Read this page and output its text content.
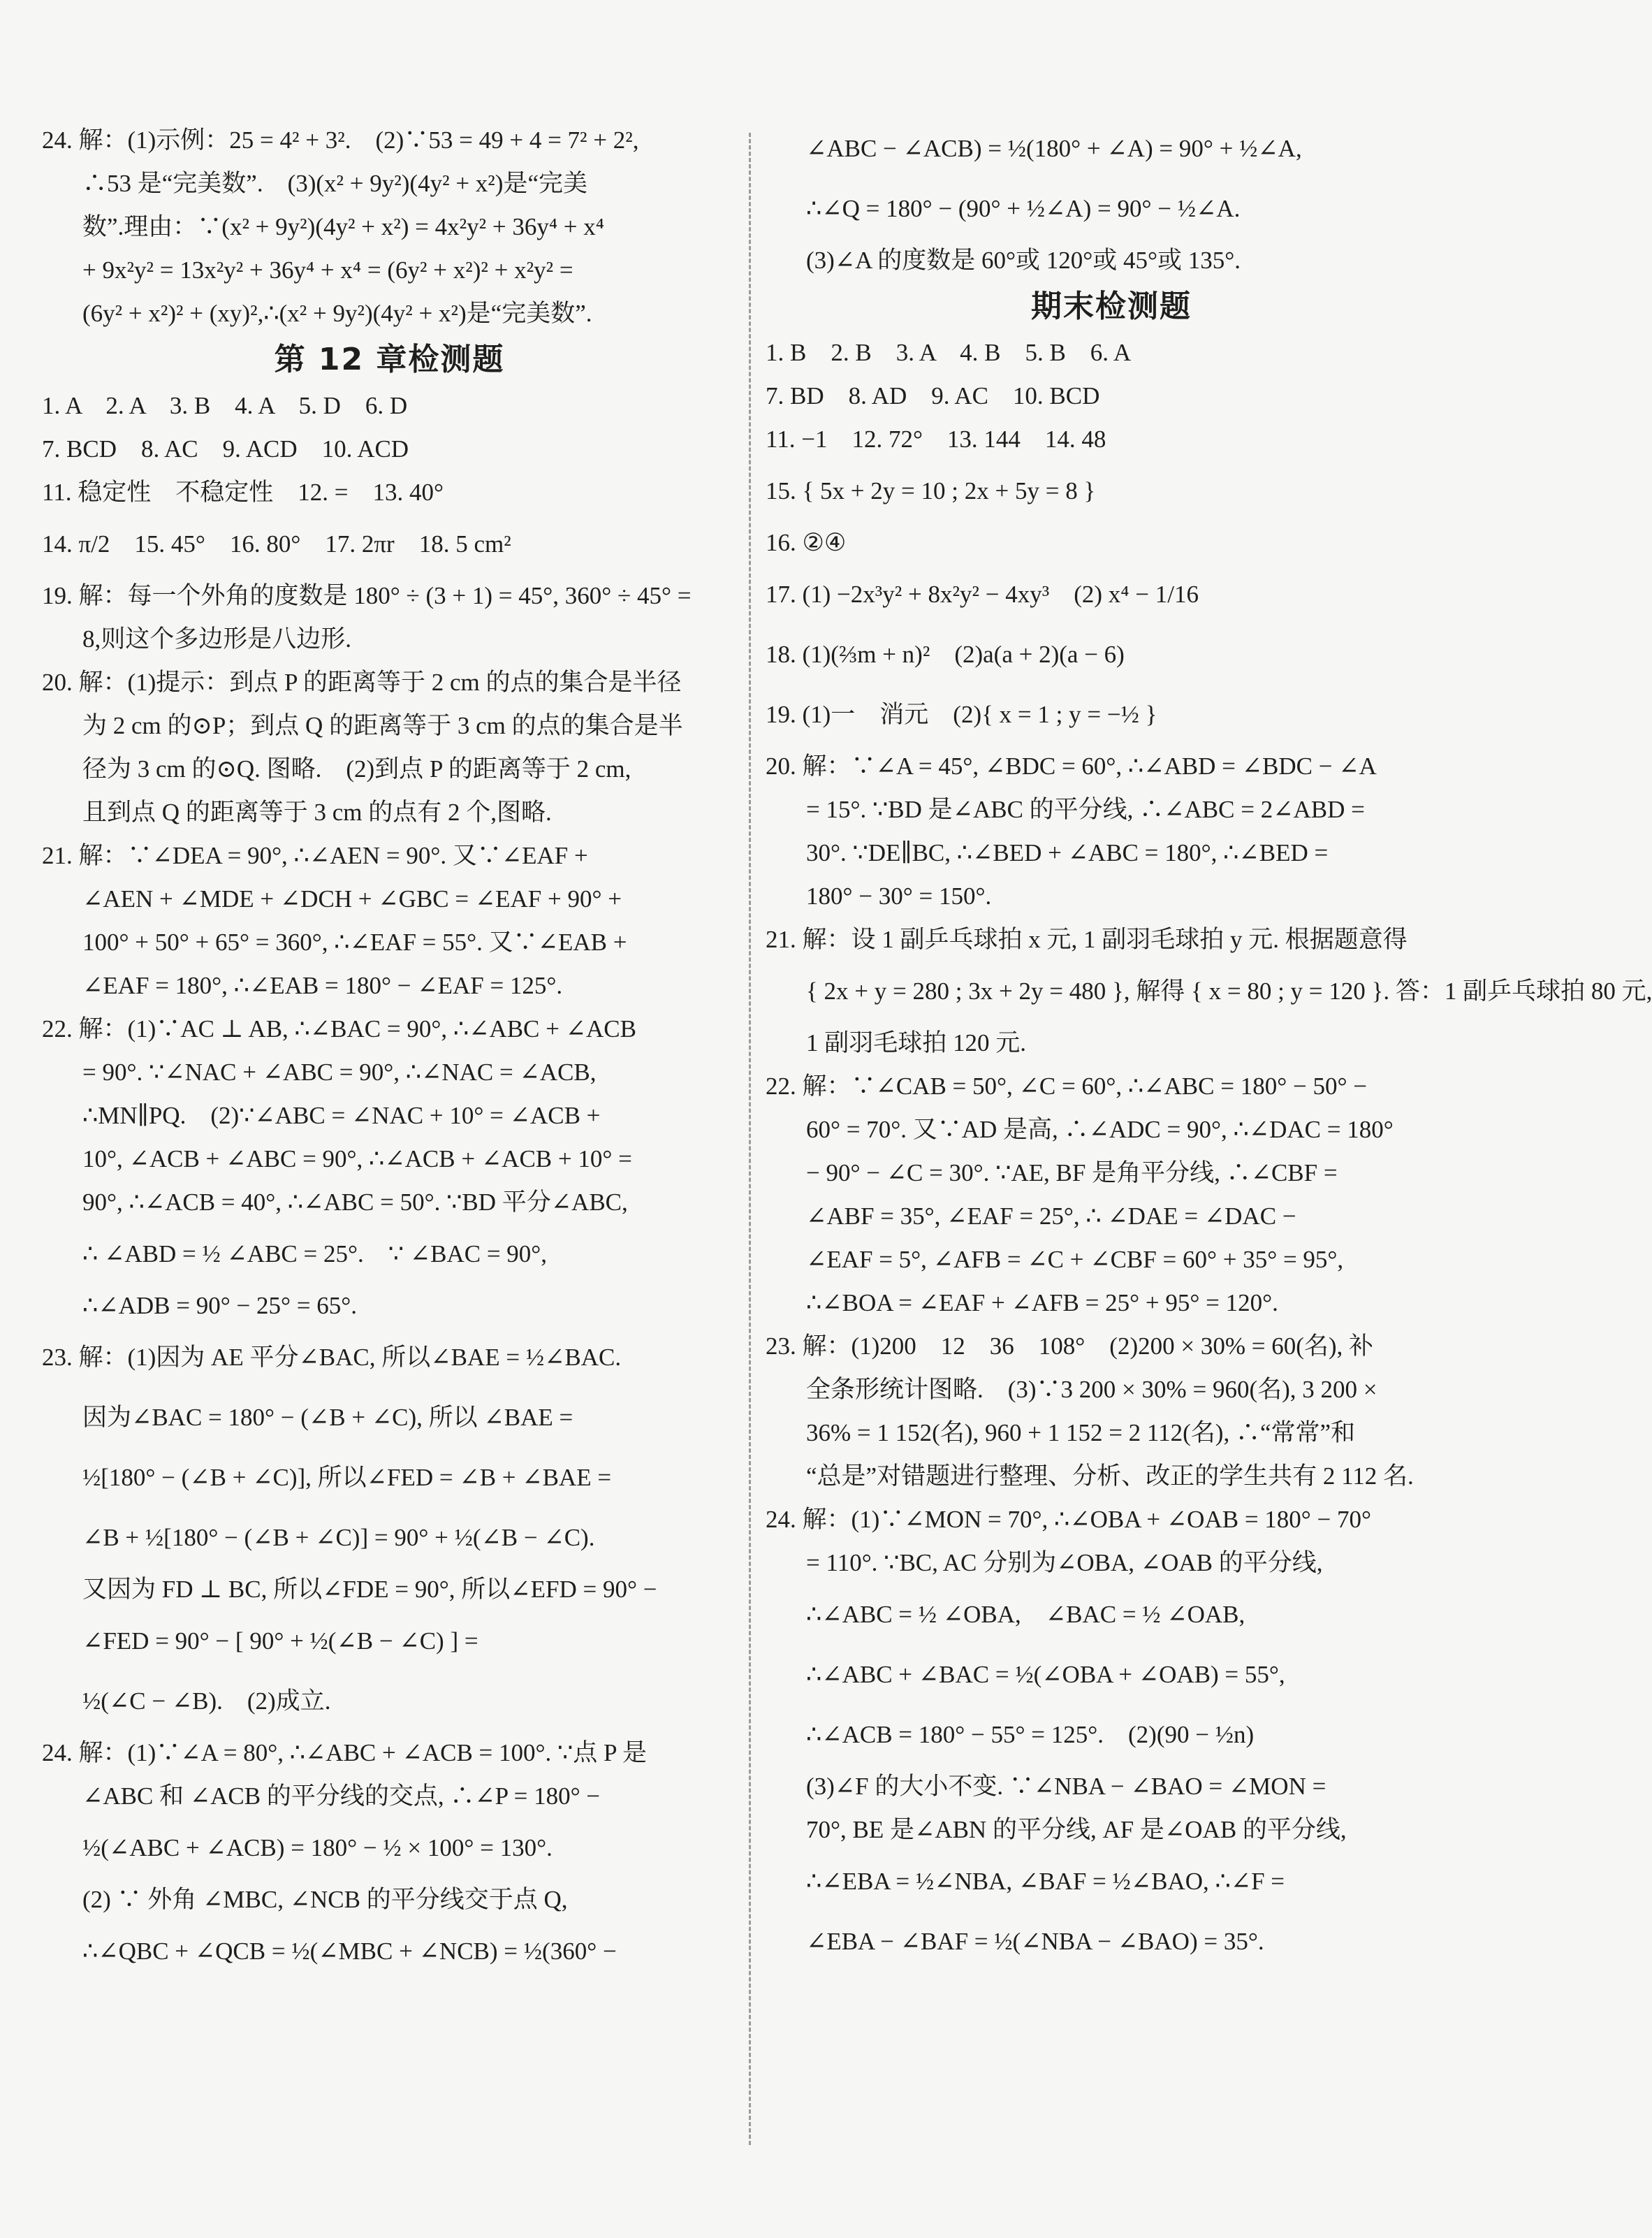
24. 解：(1)示例：25 = 4² + 3².　(2)∵53 = 49 + 4 = 7² + 2²,
∴53 是“完美数”.　(3)(x² + 9y²)(4y² + x²)是“完美
数”.理由：∵(x² + 9y²)(4y² + x²) = 4x²y² + 36y⁴ + x⁴
+ 9x²y² = 13x²y² + 36y⁴ + x⁴ = (6y² + x²)² + x²y² =
(6y² + x²)² + (xy)²,∴(x² + 9y²)(4y² + x²)是“完美数”.
第 12 章检测题
1. A　2. A　3. B　4. A　5. D　6. D
7. BCD　8. AC　9. ACD　10. ACD
11. 稳定性　不稳定性　12. =　13. 40°
14. π/2　15. 45°　16. 80°　17. 2πr　18. 5 cm²
19. 解：每一个外角的度数是 180° ÷ (3 + 1) = 45°, 360° ÷ 45° =
8,则这个多边形是八边形.
20. 解：(1)提示：到点 P 的距离等于 2 cm 的点的集合是半径
为 2 cm 的⊙P；到点 Q 的距离等于 3 cm 的点的集合是半
径为 3 cm 的⊙Q. 图略.　(2)到点 P 的距离等于 2 cm,
且到点 Q 的距离等于 3 cm 的点有 2 个,图略.
21. 解：∵∠DEA = 90°, ∴∠AEN = 90°. 又∵∠EAF +
∠AEN + ∠MDE + ∠DCH + ∠GBC = ∠EAF + 90° +
100° + 50° + 65° = 360°, ∴∠EAF = 55°. 又∵∠EAB +
∠EAF = 180°, ∴∠EAB = 180° − ∠EAF = 125°.
22. 解：(1)∵AC ⊥ AB, ∴∠BAC = 90°, ∴∠ABC + ∠ACB
= 90°. ∵∠NAC + ∠ABC = 90°, ∴∠NAC = ∠ACB,
∴MN∥PQ.　(2)∵∠ABC = ∠NAC + 10° = ∠ACB +
10°, ∠ACB + ∠ABC = 90°, ∴∠ACB + ∠ACB + 10° =
90°, ∴∠ACB = 40°, ∴∠ABC = 50°. ∵BD 平分∠ABC,
∴ ∠ABD = ½ ∠ABC = 25°.　∵ ∠BAC = 90°,
∴∠ADB = 90° − 25° = 65°.
23. 解：(1)因为 AE 平分∠BAC, 所以∠BAE = ½∠BAC.
因为∠BAC = 180° − (∠B + ∠C), 所以 ∠BAE =
½[180° − (∠B + ∠C)], 所以∠FED = ∠B + ∠BAE =
∠B + ½[180° − (∠B + ∠C)] = 90° + ½(∠B − ∠C).
又因为 FD ⊥ BC, 所以∠FDE = 90°, 所以∠EFD = 90° −
∠FED = 90° − [ 90° + ½(∠B − ∠C) ] =
½(∠C − ∠B).　(2)成立.
24. 解：(1)∵∠A = 80°, ∴∠ABC + ∠ACB = 100°. ∵点 P 是
∠ABC 和 ∠ACB 的平分线的交点, ∴∠P = 180° −
½(∠ABC + ∠ACB) = 180° − ½ × 100° = 130°.
(2) ∵ 外角 ∠MBC, ∠NCB 的平分线交于点 Q,
∴∠QBC + ∠QCB = ½(∠MBC + ∠NCB) = ½(360° −
∠ABC − ∠ACB) = ½(180° + ∠A) = 90° + ½∠A,
∴∠Q = 180° − (90° + ½∠A) = 90° − ½∠A.
(3)∠A 的度数是 60°或 120°或 45°或 135°.
期末检测题
1. B　2. B　3. A　4. B　5. B　6. A
7. BD　8. AD　9. AC　10. BCD
11. −1　12. 72°　13. 144　14. 48
15. { 5x + 2y = 10 ; 2x + 5y = 8 }
16. ②④
17. (1) −2x³y² + 8x²y² − 4xy³　(2) x⁴ − 1/16
18. (1)(⅔m + n)²　(2)a(a + 2)(a − 6)
19. (1)一　消元　(2){ x = 1 ; y = −½ }
20. 解：∵∠A = 45°, ∠BDC = 60°, ∴∠ABD = ∠BDC − ∠A
= 15°. ∵BD 是∠ABC 的平分线, ∴∠ABC = 2∠ABD =
30°. ∵DE∥BC, ∴∠BED + ∠ABC = 180°, ∴∠BED =
180° − 30° = 150°.
21. 解：设 1 副乒乓球拍 x 元, 1 副羽毛球拍 y 元. 根据题意得
{ 2x + y = 280 ; 3x + 2y = 480 }, 解得 { x = 80 ; y = 120 }. 答：1 副乒乓球拍 80 元,
1 副羽毛球拍 120 元.
22. 解：∵∠CAB = 50°, ∠C = 60°, ∴∠ABC = 180° − 50° −
60° = 70°. 又∵AD 是高, ∴∠ADC = 90°, ∴∠DAC = 180°
− 90° − ∠C = 30°. ∵AE, BF 是角平分线, ∴∠CBF =
∠ABF = 35°, ∠EAF = 25°, ∴ ∠DAE = ∠DAC −
∠EAF = 5°, ∠AFB = ∠C + ∠CBF = 60° + 35° = 95°,
∴∠BOA = ∠EAF + ∠AFB = 25° + 95° = 120°.
23. 解：(1)200　12　36　108°　(2)200 × 30% = 60(名), 补
全条形统计图略.　(3)∵3 200 × 30% = 960(名), 3 200 ×
36% = 1 152(名), 960 + 1 152 = 2 112(名), ∴“常常”和
“总是”对错题进行整理、分析、改正的学生共有 2 112 名.
24. 解：(1)∵∠MON = 70°, ∴∠OBA + ∠OAB = 180° − 70°
= 110°. ∵BC, AC 分别为∠OBA, ∠OAB 的平分线,
∴∠ABC = ½ ∠OBA,　∠BAC = ½ ∠OAB,
∴∠ABC + ∠BAC = ½(∠OBA + ∠OAB) = 55°,
∴∠ACB = 180° − 55° = 125°.　(2)(90 − ½n)
(3)∠F 的大小不变. ∵∠NBA − ∠BAO = ∠MON =
70°, BE 是∠ABN 的平分线, AF 是∠OAB 的平分线,
∴∠EBA = ½∠NBA, ∠BAF = ½∠BAO, ∴∠F =
∠EBA − ∠BAF = ½(∠NBA − ∠BAO) = 35°.
